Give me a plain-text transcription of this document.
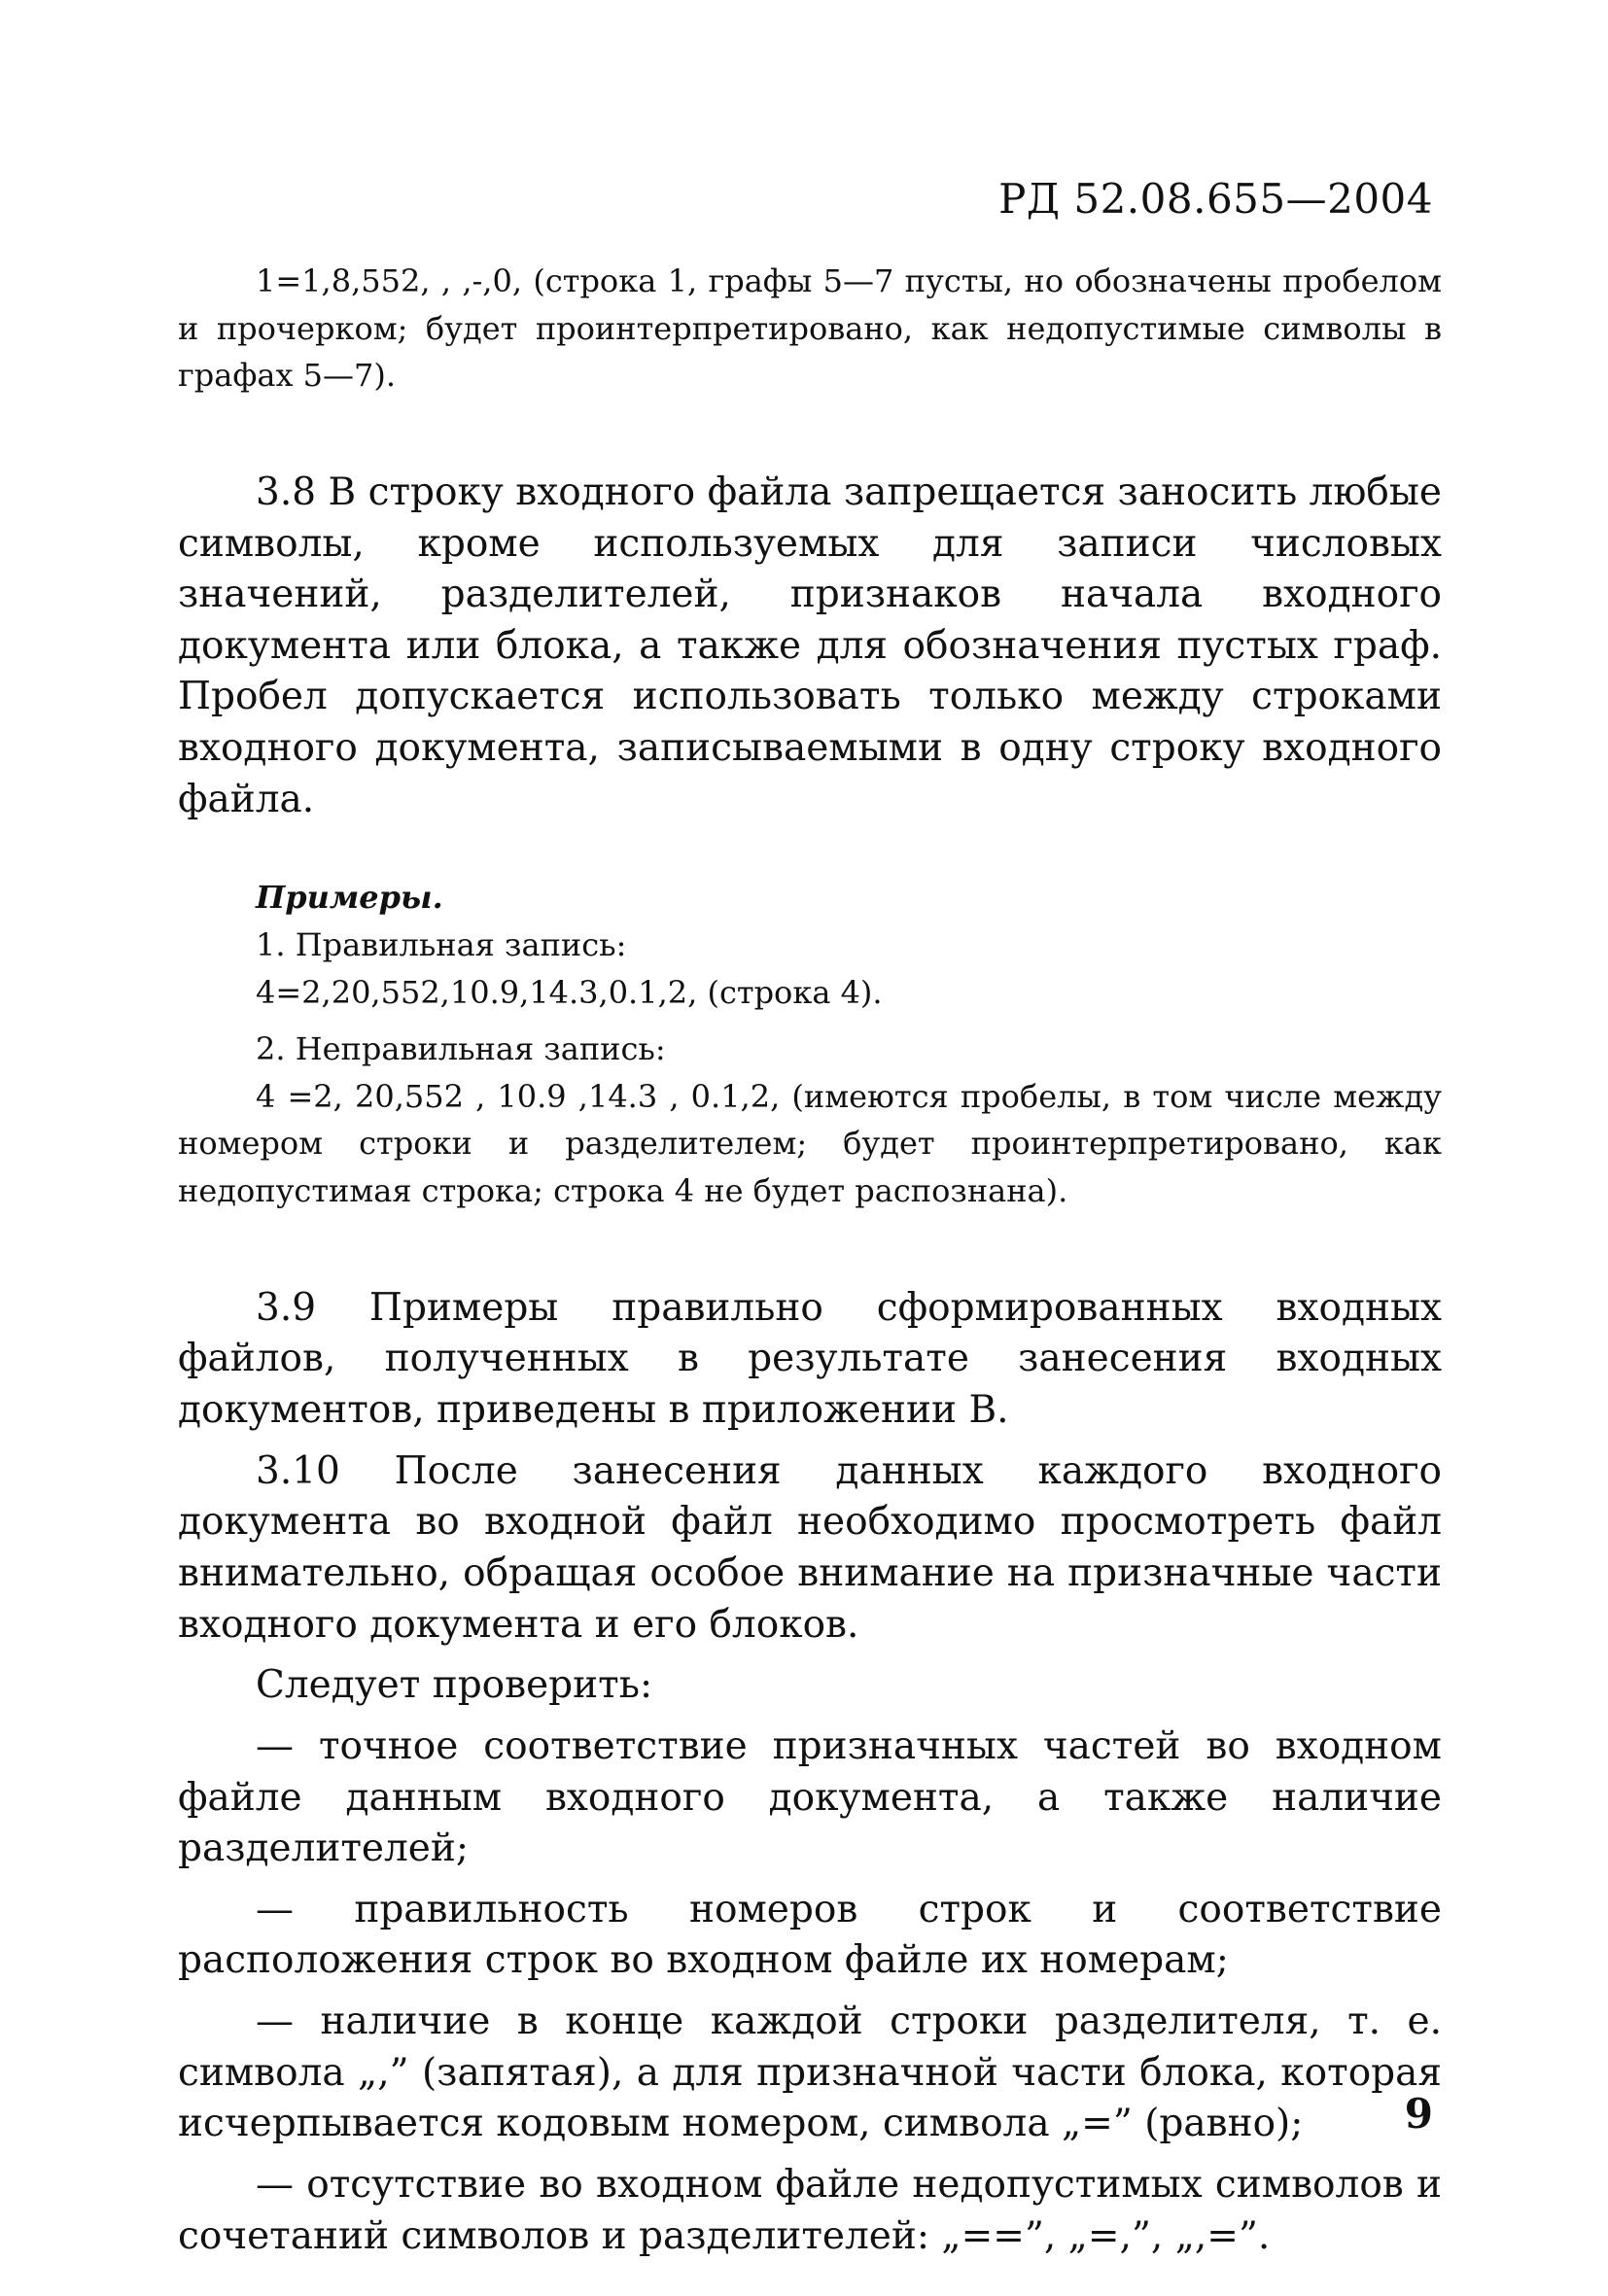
РД 52.08.655—2004

1=1,8,552, , ,-,0, (строка 1, графы 5—7 пусты, но обозначены пробелом и прочерком; будет проинтерпретировано, как недопустимые символы в графах 5—7).

3.8 В строку входного файла запрещается заносить любые символы, кроме используемых для записи числовых значений, разделителей, признаков начала входного документа или блока, а также для обозначения пустых граф. Пробел допускается использовать только между строками входного документа, записываемыми в одну строку входного файла.

Примеры.

1. Правильная запись:

4=2,20,552,10.9,14.3,0.1,2, (строка 4).

2. Неправильная запись:

4 =2, 20,552 , 10.9 ,14.3 , 0.1,2, (имеются пробелы, в том числе между номером строки и разделителем; будет проинтерпретировано, как недопустимая строка; строка 4 не будет распознана).

3.9 Примеры правильно сформированных входных файлов, полученных в результате занесения входных документов, приведены в приложении В.

3.10 После занесения данных каждого входного документа во входной файл необходимо просмотреть файл внимательно, обращая особое внимание на призначные части входного документа и его блоков.

Следует проверить:

— точное соответствие призначных частей во входном файле данным входного документа, а также наличие разделителей;

— правильность номеров строк и соответствие расположения строк во входном файле их номерам;

— наличие в конце каждой строки разделителя, т. е. символа „,” (запятая), а для призначной части блока, которая исчерпывается кодовым номером, символа „=” (равно);

— отсутствие во входном файле недопустимых символов и сочетаний символов и разделителей: „==”, „=,”, „,=”.

9
